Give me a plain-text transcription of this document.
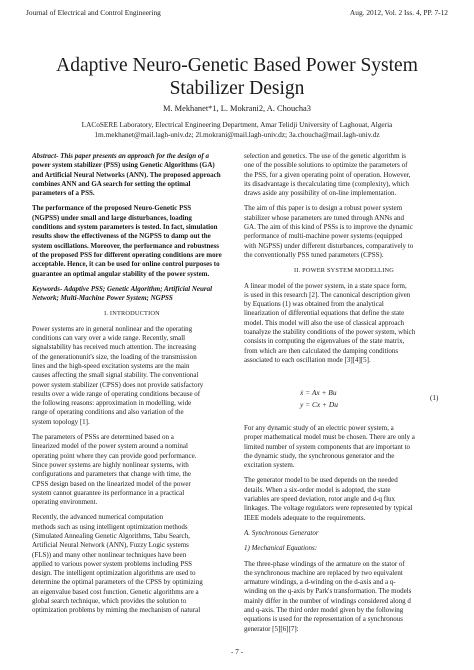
Journal of Electrical and Control Engineering	Aug. 2012, Vol. 2 Iss. 4, PP. 7-12
Adaptive Neuro-Genetic Based Power System
Stabilizer Design
M. Mekhanet*1, L. Mokrani2, A. Choucha3
LACoSERE Laboratory, Electrical Engineering Department, Amar Telidji University of Laghouat, Algeria
1m.mekhanet@mail.lagh-univ.dz; 2l.mokrani@mail.lagh-univ.dz; 3a.choucha@mail.lagh-univ.dz
Abstract- This paper presents an approach for the design of a
power system stabilizer (PSS) using Genetic Algorithms (GA)
and Artificial Neural Networks (ANN). The proposed approach
combines ANN and GA search for setting the optimal
parameters of a PSS.
The performance of the proposed Neuro-Genetic PSS
(NGPSS) under small and large disturbances, loading
conditions and system parameters is tested. In fact, simulation
results show the effectiveness of the NGPSS to damp out the
system oscillations. Moreover, the performance and robustness
of the proposed PSS for different operating conditions are more
acceptable. Hence, it can be used for online control purposes to
guarantee an optimal angular stability of the power system.
Keywords- Adaptive PSS; Genetic Algorithm; Artificial Neural
Network; Multi-Machine Power System; NGPSS
I. INTRODUCTION
Power systems are in general nonlinear and the operating
conditions can vary over a wide range. Recently, small
signalstability has received much attention. The increasing
of the generationunit's size, the loading of the transmission
lines and the high-speed excitation systems are the main
causes affecting the small signal stability. The conventional
power system stabilizer (CPSS) does not provide satisfactory
results over a wide range of operating conditions because of
the following reasons: approximation in modelling, wide
range of operating conditions and also variation of the
system topology [1].
The parameters of PSSs are determined based on a
linearized model of the power system around a nominal
operating point where they can provide good performance.
Since power systems are highly nonlinear systems, with
configurations and parameters that change with time, the
CPSS design based on the linearized model of the power
system cannot guarantee its performance in a practical
operating environment.
Recently, the advanced numerical computation
methods such as using intelligent optimization methods
(Simulated Annealing Genetic Algorithms, Tabu Search,
Artificial Neural Network (ANN), Fuzzy Logic systems
(FLS)) and many other nonlinear techniques have been
applied to various power system problems including PSS
design. The intelligent optimization algorithms are used to
determine the optimal parameters of the CPSS by optimizing
an eigenvalue based cost function. Genetic algorithms are a
global search technique, which provides the solution to
optimization problems by miming the mechanism of natural
selection and genetics. The use of the genetic algorithm is
one of the possible solutions to optimize the parameters of
the PSS, for a given operating point of operation. However,
its disadvantage is thecalculating time (complexity), which
draws aside any possibility of on-line implementation.
The aim of this paper is to design a robust power system
stabilizer whose parameters are tuned through ANNs and
GA. The aim of this kind of PSSs is to improve the dynamic
performance of multi-machine power systems (equipped
with NGPSS) under different disturbances, comparatively to
the conventionally PSS tuned parameters (CPSS).
II. POWER SYSTEM MODELLING
A linear model of the power system, in a state space form,
is used in this research [2]. The canonical description given
by Equations (1) was obtained from the analytical
linearization of differential equations that define the state
model. This model will also the use of classical approach
toanalyze the stability conditions of the power system, which
consists in computing the eigenvalues of the state matrix,
from which are then calculated the damping conditions
associated to each oscillation mode [3][4][5].
ẋ = Ax + Bu
y = Cx + Du
(1)
For any dynamic study of an electric power system, a
proper mathematical model must be chosen. There are only a
limited number of system components that are important to
the dynamic study, the synchronous generator and the
excitation system.
The generator model to be used depends on the needed
details. When a six-order model is adopted, the state
variables are speed deviation, rotor angle and d-q flux
linkages. The voltage regulators were represented by typical
IEEE models adequate to the requirements.
A. Synchronous Generator
1) Mechanical Equations:
The three-phase windings of the armature on the stator of
the synchronous machine are replaced by two equivalent
armature windings, a d-winding on the d-axis and a q-
winding on the q-axis by Park's transformation. The models
mainly differ in the number of windings considered along d
and q-axis. The third order model given by the following
equations is used for the representation of a synchronous
generator [5][6][7]:
- 7 -
